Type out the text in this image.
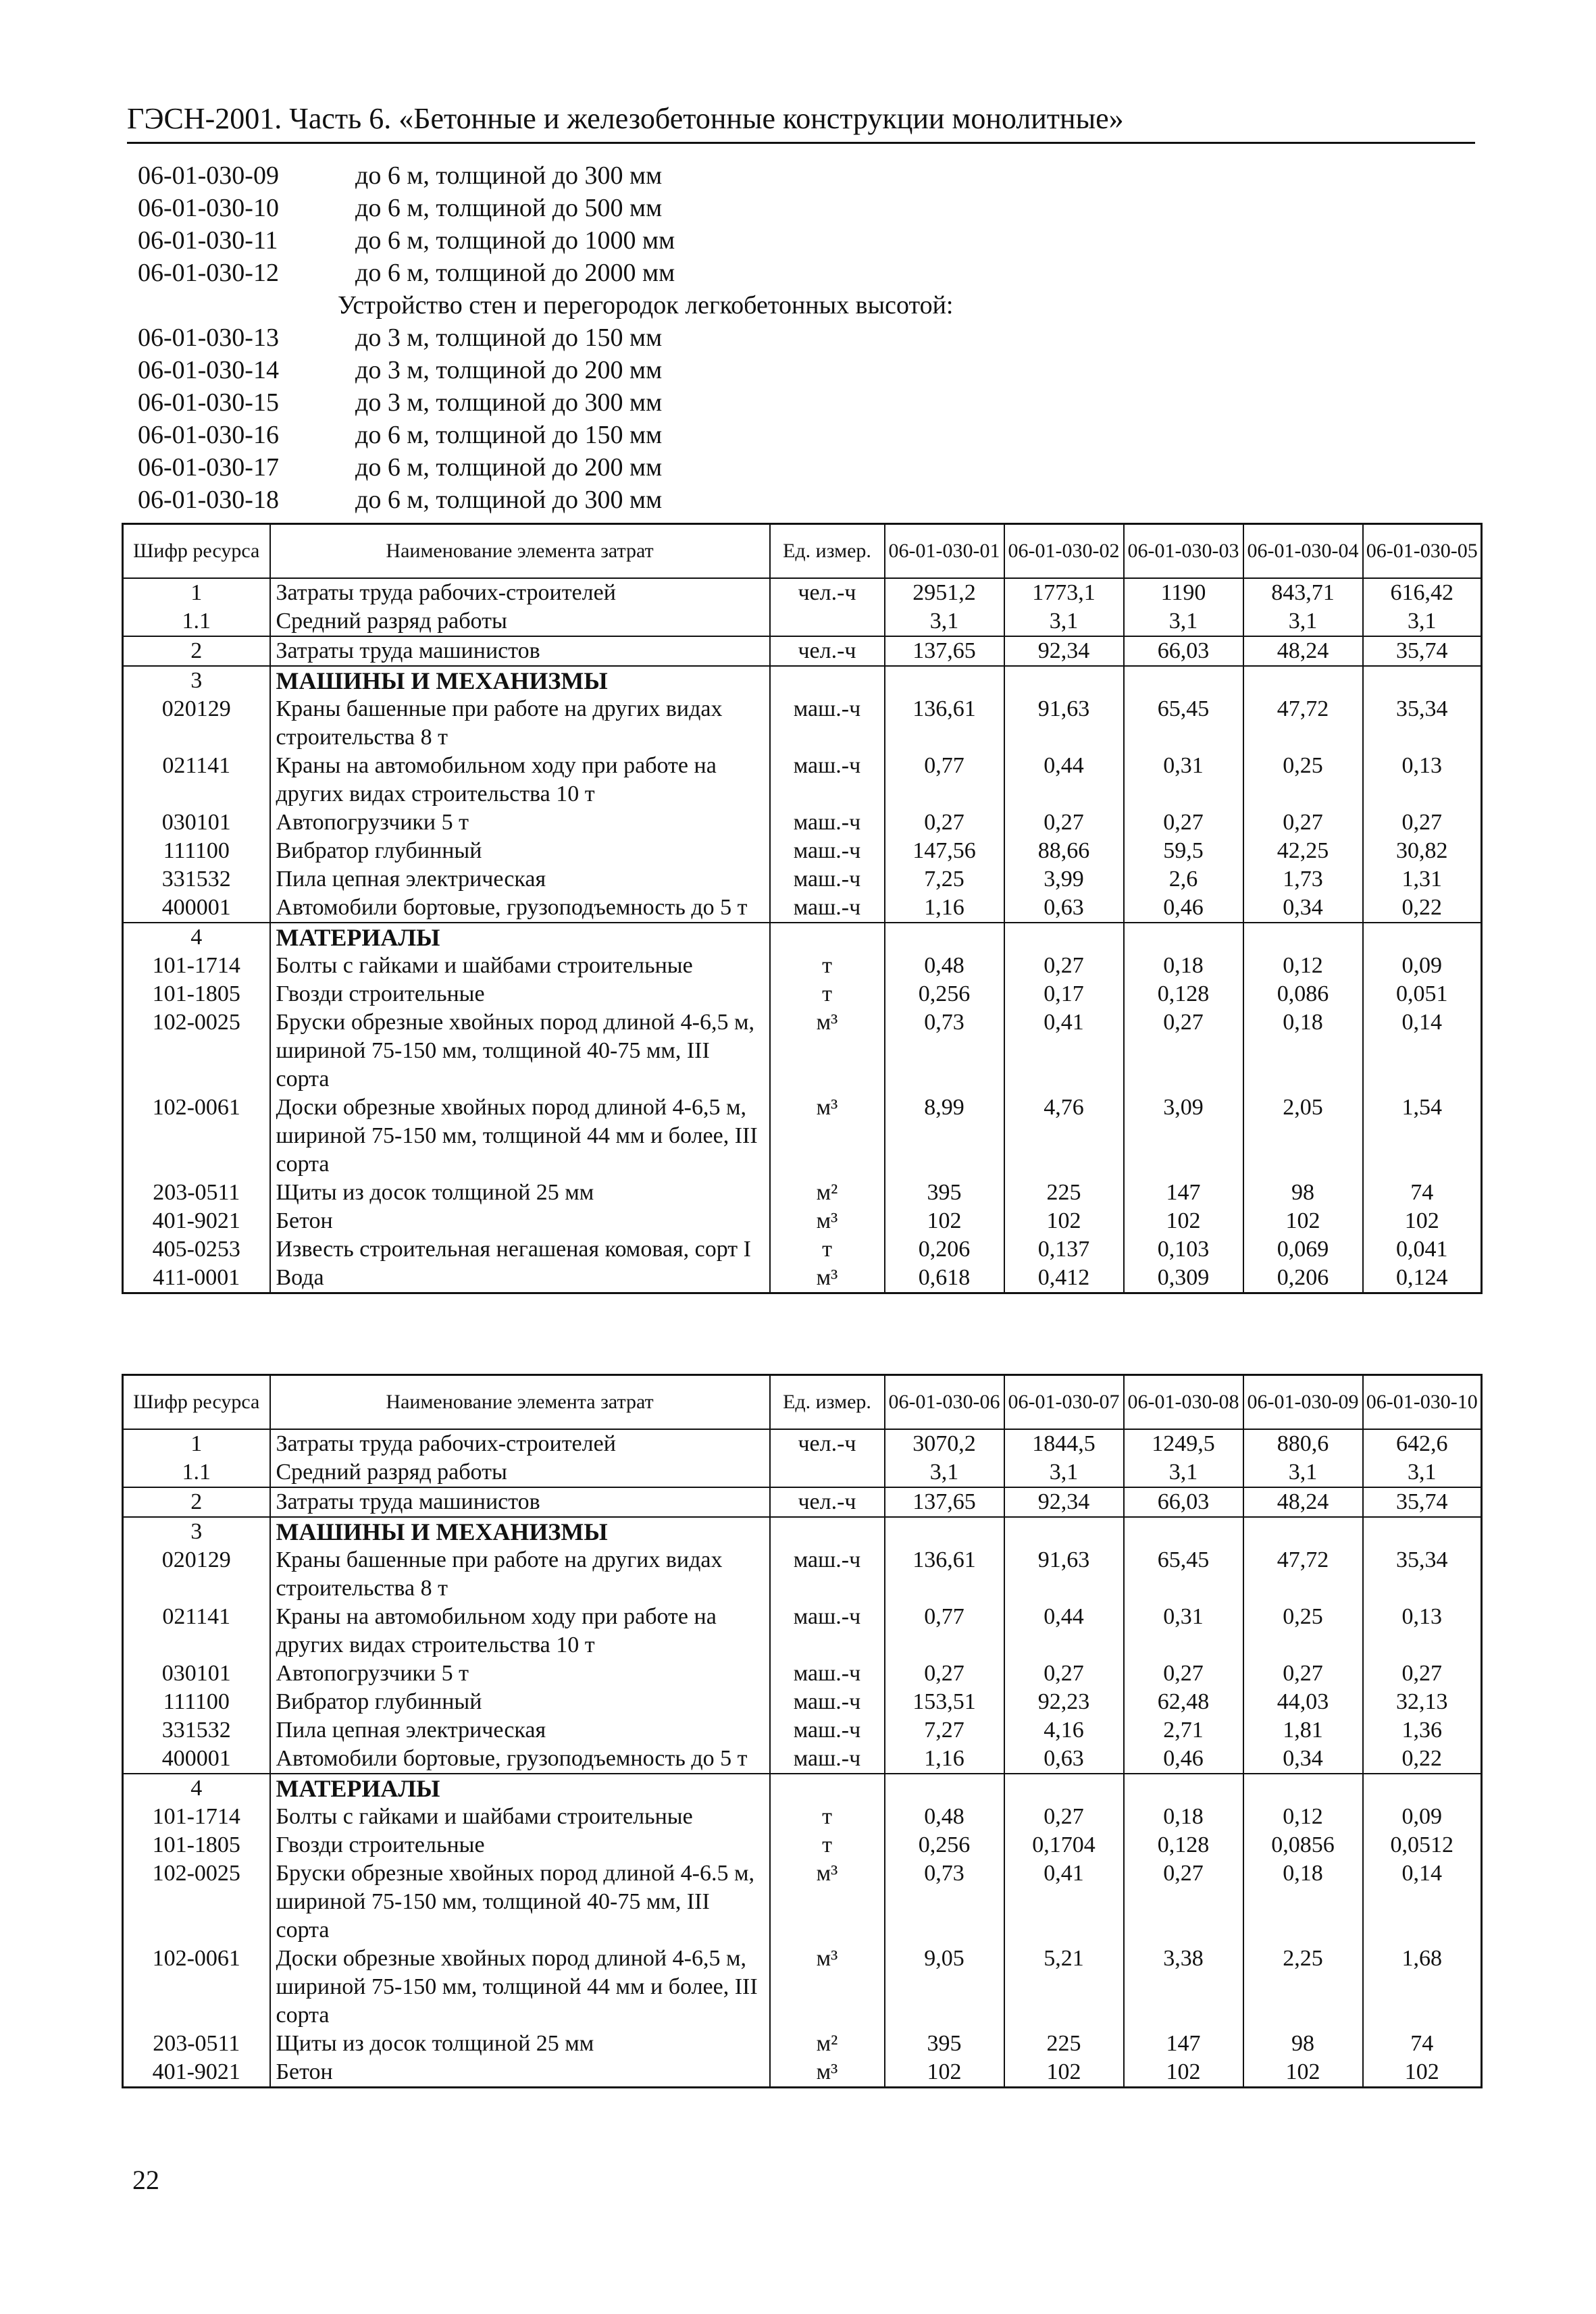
ГЭСН-2001. Часть 6. «Бетонные и железобетонные конструкции монолитные»
06-01-030-09	до 6 м, толщиной до 300 мм
06-01-030-10	до 6 м, толщиной до 500 мм
06-01-030-11	до 6 м, толщиной до 1000 мм
06-01-030-12	до 6 м, толщиной до 2000 мм
Устройство стен и перегородок легкобетонных высотой:
06-01-030-13	до 3 м, толщиной до 150 мм
06-01-030-14	до 3 м, толщиной до 200 мм
06-01-030-15	до 3 м, толщиной до 300 мм
06-01-030-16	до 6 м, толщиной до 150 мм
06-01-030-17	до 6 м, толщиной до 200 мм
06-01-030-18	до 6 м, толщиной до 300 мм
Шифр ресурса	Наименование элемента затрат	Ед. измер.	06-01-030-01	06-01-030-02	06-01-030-03	06-01-030-04	06-01-030-05
1	Затраты труда рабочих-строителей	чел.-ч	2951,2	1773,1	1190	843,71	616,42
1.1	Средний разряд работы		3,1	3,1	3,1	3,1	3,1
2	Затраты труда машинистов	чел.-ч	137,65	92,34	66,03	48,24	35,74
3	МАШИНЫ И МЕХАНИЗМЫ						
020129	Краны башенные при работе на других видах строительства 8 т	маш.-ч	136,61	91,63	65,45	47,72	35,34
021141	Краны на автомобильном ходу при работе на других видах строительства 10 т	маш.-ч	0,77	0,44	0,31	0,25	0,13
030101	Автопогрузчики 5 т	маш.-ч	0,27	0,27	0,27	0,27	0,27
111100	Вибратор глубинный	маш.-ч	147,56	88,66	59,5	42,25	30,82
331532	Пила цепная электрическая	маш.-ч	7,25	3,99	2,6	1,73	1,31
400001	Автомобили бортовые, грузоподъемность до 5 т	маш.-ч	1,16	0,63	0,46	0,34	0,22
4	МАТЕРИАЛЫ						
101-1714	Болты с гайками и шайбами строительные	т	0,48	0,27	0,18	0,12	0,09
101-1805	Гвозди строительные	т	0,256	0,17	0,128	0,086	0,051
102-0025	Бруски обрезные хвойных пород длиной 4-6,5 м, шириной 75-150 мм, толщиной 40-75 мм, III сорта	м³	0,73	0,41	0,27	0,18	0,14
102-0061	Доски обрезные хвойных пород длиной 4-6,5 м, шириной 75-150 мм, толщиной 44 мм и более, III сорта	м³	8,99	4,76	3,09	2,05	1,54
203-0511	Щиты из досок толщиной 25 мм	м²	395	225	147	98	74
401-9021	Бетон	м³	102	102	102	102	102
405-0253	Известь строительная негашеная комовая, сорт I	т	0,206	0,137	0,103	0,069	0,041
411-0001	Вода	м³	0,618	0,412	0,309	0,206	0,124
Шифр ресурса	Наименование элемента затрат	Ед. измер.	06-01-030-06	06-01-030-07	06-01-030-08	06-01-030-09	06-01-030-10
1	Затраты труда рабочих-строителей	чел.-ч	3070,2	1844,5	1249,5	880,6	642,6
1.1	Средний разряд работы		3,1	3,1	3,1	3,1	3,1
2	Затраты труда машинистов	чел.-ч	137,65	92,34	66,03	48,24	35,74
3	МАШИНЫ И МЕХАНИЗМЫ						
020129	Краны башенные при работе на других видах строительства 8 т	маш.-ч	136,61	91,63	65,45	47,72	35,34
021141	Краны на автомобильном ходу при работе на других видах строительства 10 т	маш.-ч	0,77	0,44	0,31	0,25	0,13
030101	Автопогрузчики 5 т	маш.-ч	0,27	0,27	0,27	0,27	0,27
111100	Вибратор глубинный	маш.-ч	153,51	92,23	62,48	44,03	32,13
331532	Пила цепная электрическая	маш.-ч	7,27	4,16	2,71	1,81	1,36
400001	Автомобили бортовые, грузоподъемность до 5 т	маш.-ч	1,16	0,63	0,46	0,34	0,22
4	МАТЕРИАЛЫ						
101-1714	Болты с гайками и шайбами строительные	т	0,48	0,27	0,18	0,12	0,09
101-1805	Гвозди строительные	т	0,256	0,1704	0,128	0,0856	0,0512
102-0025	Бруски обрезные хвойных пород длиной 4-6.5 м, шириной 75-150 мм, толщиной 40-75 мм, III сорта	м³	0,73	0,41	0,27	0,18	0,14
102-0061	Доски обрезные хвойных пород длиной 4-6,5 м, шириной 75-150 мм, толщиной 44 мм и более, III сорта	м³	9,05	5,21	3,38	2,25	1,68
203-0511	Щиты из досок толщиной 25 мм	м²	395	225	147	98	74
401-9021	Бетон	м³	102	102	102	102	102
22
